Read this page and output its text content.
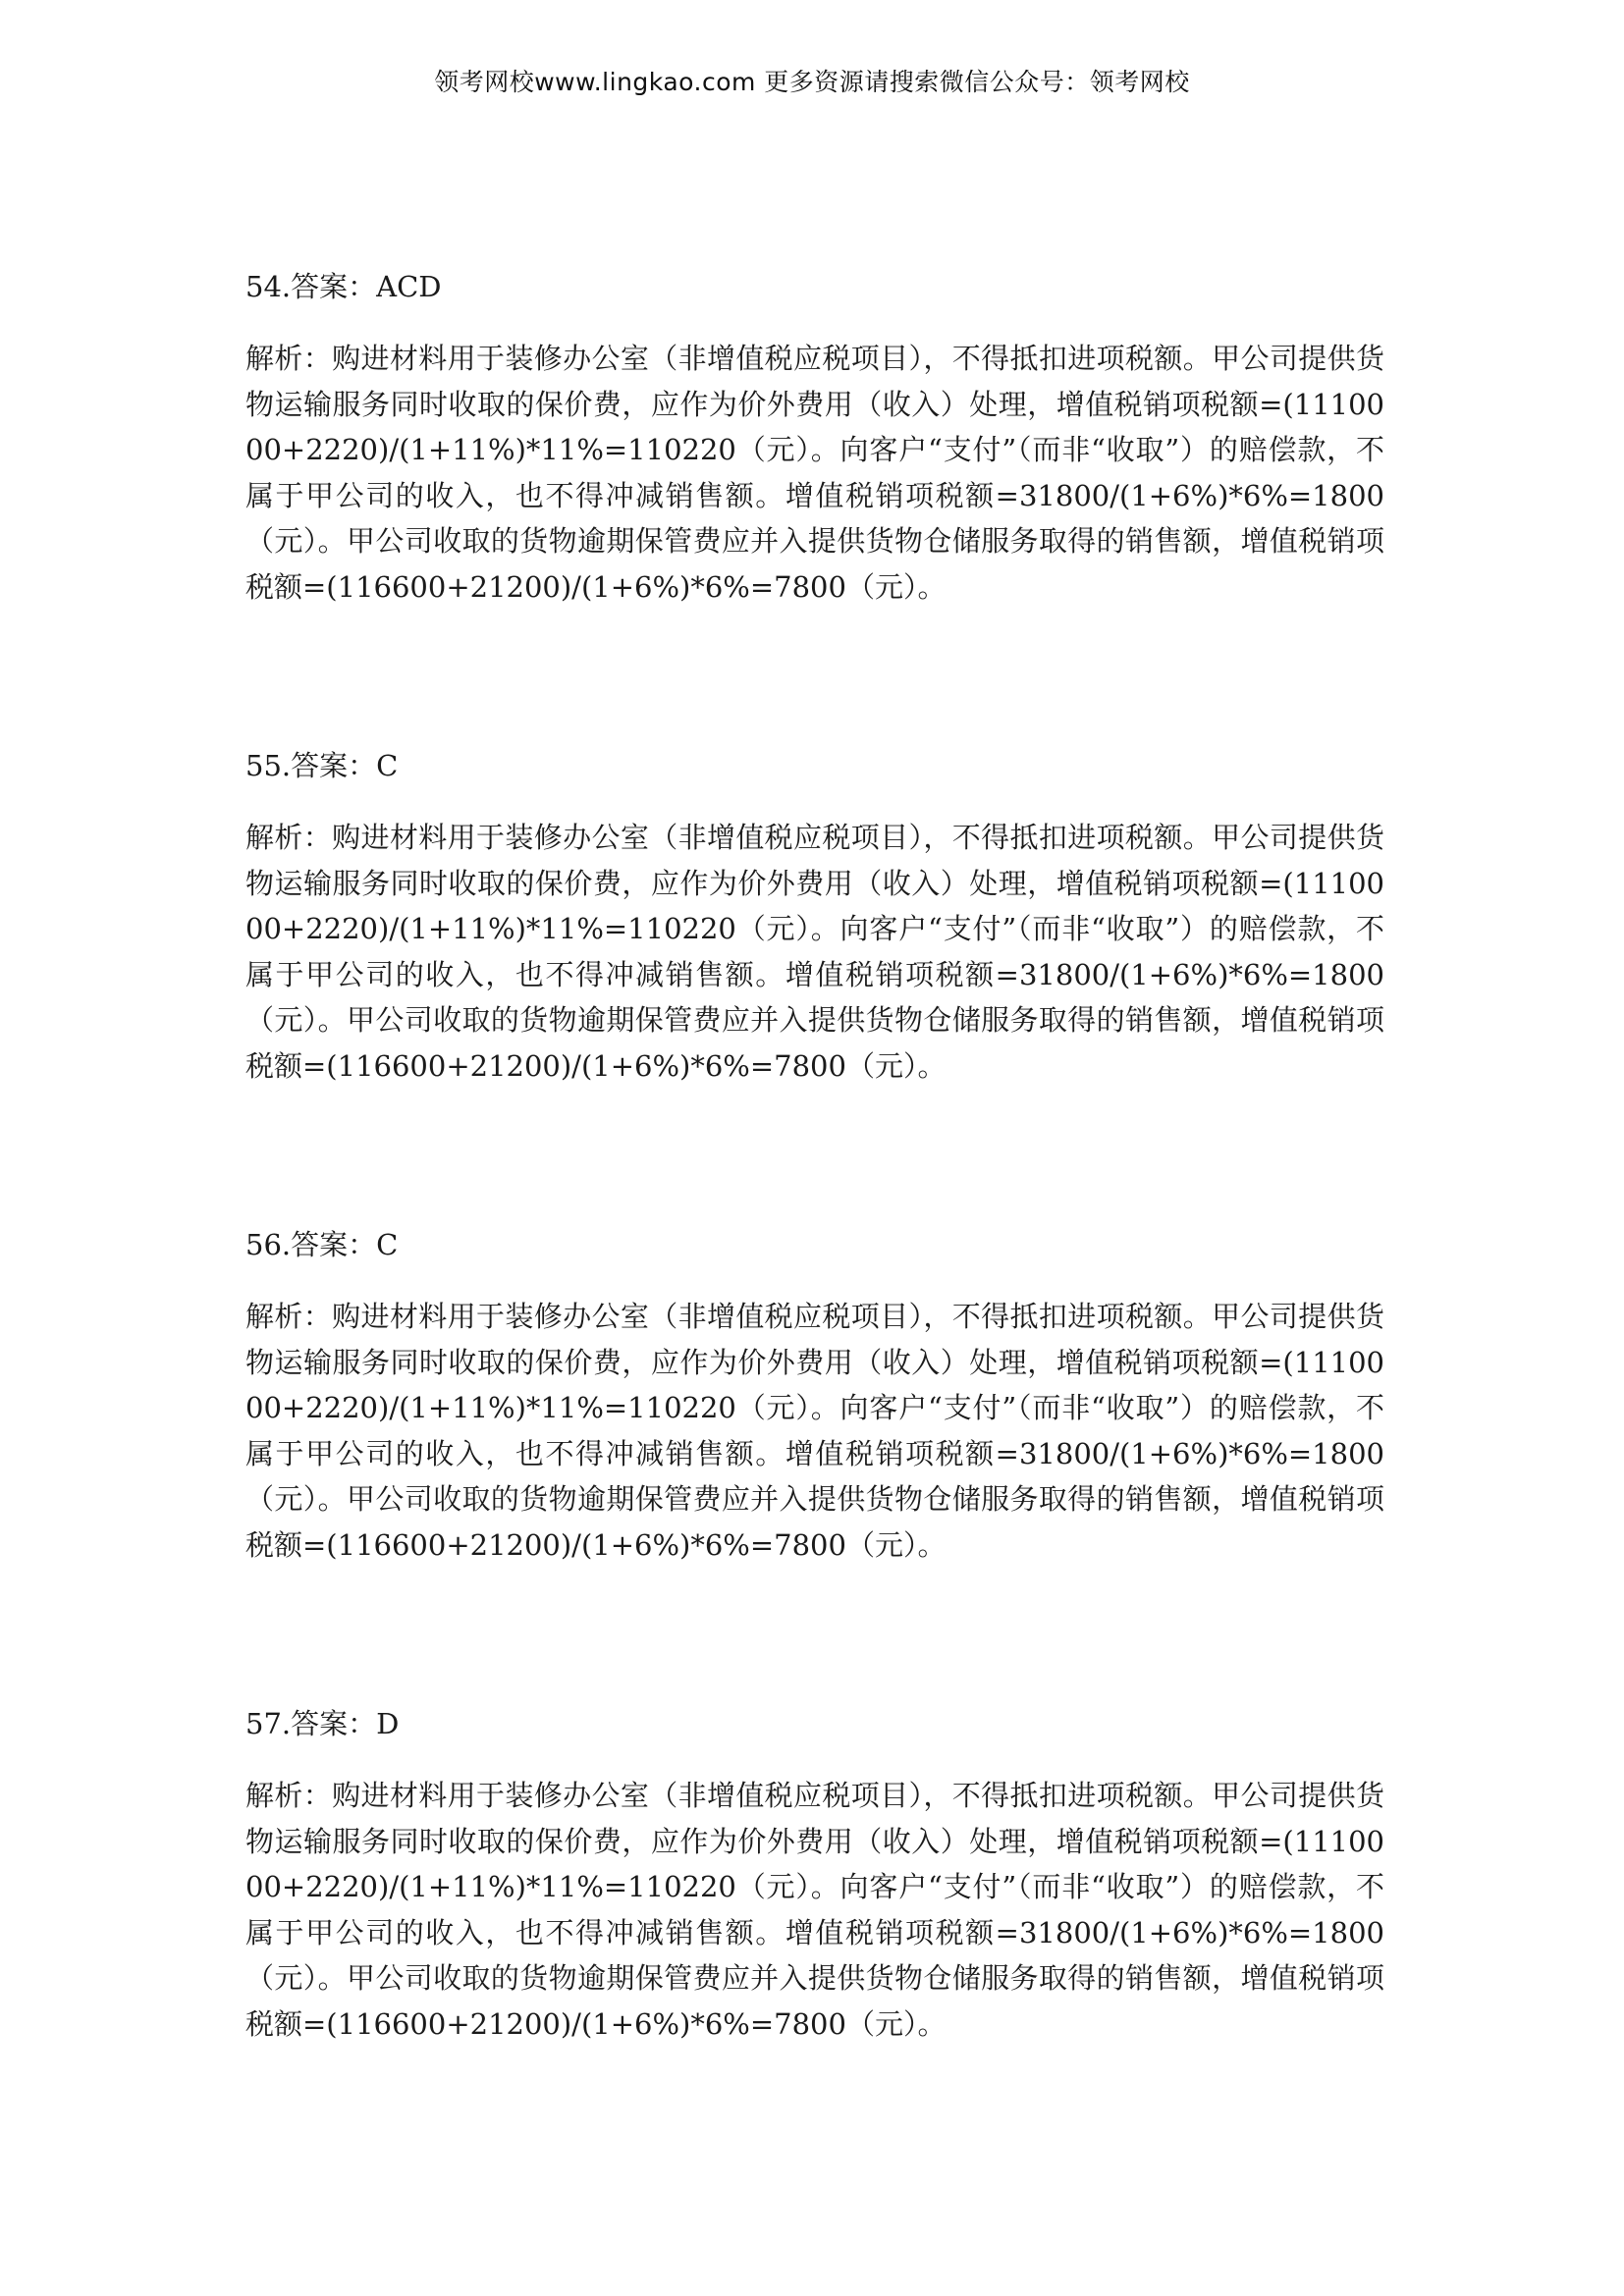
领考网校www.lingkao.com 更多资源请搜索微信公众号：领考网校
54.答案：ACD

解析：购进材料用于装修办公室（非增值税应税项目），不得抵扣进项税额。甲公司提供货物运输服务同时收取的保价费，应作为价外费用（收入）处理，增值税销项税额=(1110000+2220)/(1+11%)*11%=110220（元）。向客户“支付”（而非“收取”）的赔偿款，不属于甲公司的收入，也不得冲减销售额。增值税销项税额=31800/(1+6%)*6%=1800（元）。甲公司收取的货物逾期保管费应并入提供货物仓储服务取得的销售额，增值税销项税额=(116600+21200)/(1+6%)*6%=7800（元）。

55.答案：C

解析：购进材料用于装修办公室（非增值税应税项目），不得抵扣进项税额。甲公司提供货物运输服务同时收取的保价费，应作为价外费用（收入）处理，增值税销项税额=(1110000+2220)/(1+11%)*11%=110220（元）。向客户“支付”（而非“收取”）的赔偿款，不属于甲公司的收入，也不得冲减销售额。增值税销项税额=31800/(1+6%)*6%=1800（元）。甲公司收取的货物逾期保管费应并入提供货物仓储服务取得的销售额，增值税销项税额=(116600+21200)/(1+6%)*6%=7800（元）。

56.答案：C

解析：购进材料用于装修办公室（非增值税应税项目），不得抵扣进项税额。甲公司提供货物运输服务同时收取的保价费，应作为价外费用（收入）处理，增值税销项税额=(1110000+2220)/(1+11%)*11%=110220（元）。向客户“支付”（而非“收取”）的赔偿款，不属于甲公司的收入，也不得冲减销售额。增值税销项税额=31800/(1+6%)*6%=1800（元）。甲公司收取的货物逾期保管费应并入提供货物仓储服务取得的销售额，增值税销项税额=(116600+21200)/(1+6%)*6%=7800（元）。

57.答案：D

解析：购进材料用于装修办公室（非增值税应税项目），不得抵扣进项税额。甲公司提供货物运输服务同时收取的保价费，应作为价外费用（收入）处理，增值税销项税额=(1110000+2220)/(1+11%)*11%=110220（元）。向客户“支付”（而非“收取”）的赔偿款，不属于甲公司的收入，也不得冲减销售额。增值税销项税额=31800/(1+6%)*6%=1800（元）。甲公司收取的货物逾期保管费应并入提供货物仓储服务取得的销售额，增值税销项税额=(116600+21200)/(1+6%)*6%=7800（元）。
